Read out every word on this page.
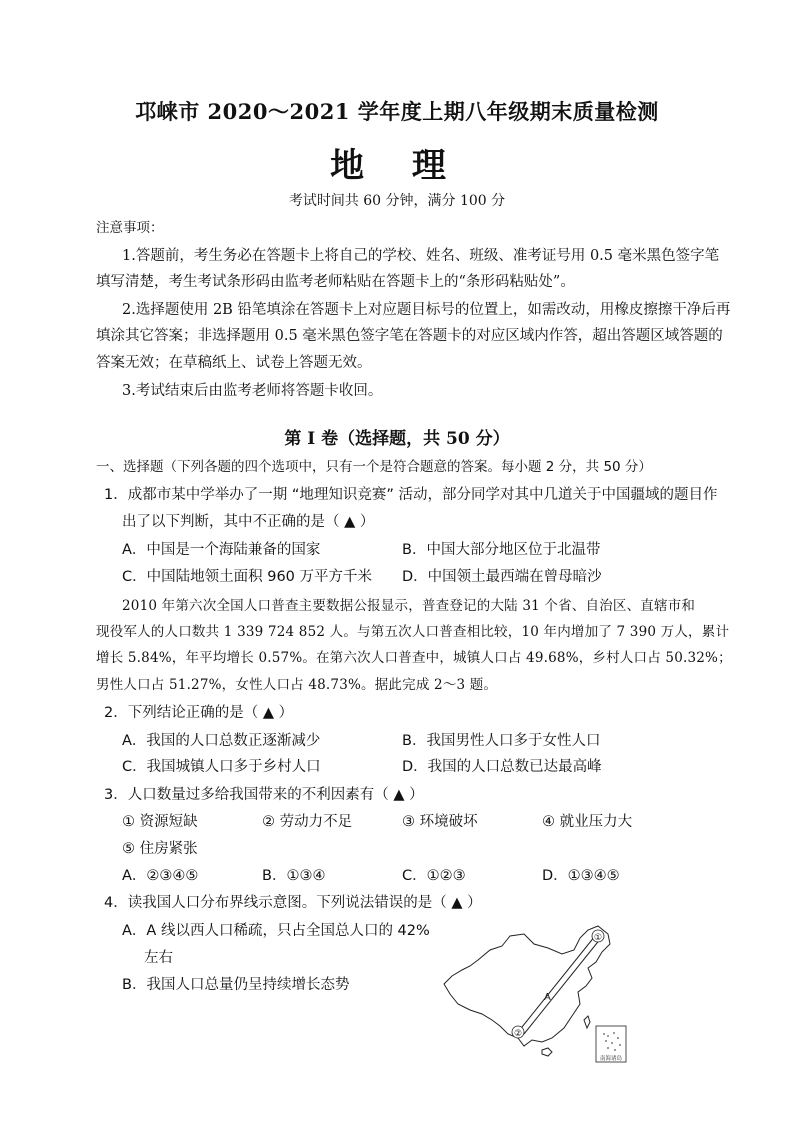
邛崃市 2020～2021 学年度上期八年级期末质量检测
地 理
考试时间共 60 分钟，满分 100 分
注意事项：
1.答题前，考生务必在答题卡上将自己的学校、姓名、班级、准考证号用 0.5 毫米黑色签字笔
填写清楚，考生考试条形码由监考老师粘贴在答题卡上的“条形码粘贴处”。
2.选择题使用 2B 铅笔填涂在答题卡上对应题目标号的位置上，如需改动，用橡皮擦擦干净后再
填涂其它答案；非选择题用 0.5 毫米黑色签字笔在答题卡的对应区域内作答，超出答题区域答题的
答案无效；在草稿纸上、试卷上答题无效。
3.考试结束后由监考老师将答题卡收回。
第 I 卷（选择题，共 50 分）
一、选择题（下列各题的四个选项中，只有一个是符合题意的答案。每小题 2 分，共 50 分）
1．成都市某中学举办了一期 “地理知识竞赛” 活动，部分同学对其中几道关于中国疆域的题目作
出了以下判断，其中不正确的是（ ▲ ）
A．中国是一个海陆兼备的国家	B．中国大部分地区位于北温带
C．中国陆地领土面积 960 万平方千米 D．中国领土最西端在曾母暗沙
2010 年第六次全国人口普查主要数据公报显示，普查登记的大陆 31 个省、自治区、直辖市和
现役军人的人口数共 1 339 724 852 人。与第五次人口普查相比较，10 年内增加了 7 390 万人，累计
增长 5.84%，年平均增长 0.57%。在第六次人口普查中，城镇人口占 49.68%，乡村人口占 50.32%；
男性人口占 51.27%，女性人口占 48.73%。据此完成 2～3 题。
2．下列结论正确的是（ ▲ ）
A．我国的人口总数正逐渐减少	B．我国男性人口多于女性人口
C．我国城镇人口多于乡村人口	D．我国的人口总数已达最高峰
3．人口数量过多给我国带来的不利因素有（ ▲ ）
① 资源短缺	② 劳动力不足	③ 环境破坏	④ 就业压力大
⑤ 住房紧张
A．②③④⑤	B．①③④	C．①②③	D．①③④⑤
4．读我国人口分布界线示意图。下列说法错误的是（ ▲ ）
A．A 线以西人口稀疏，只占全国总人口的 42%
左右
B．我国人口总量仍呈持续增长态势
①
②
A
南海诸岛
